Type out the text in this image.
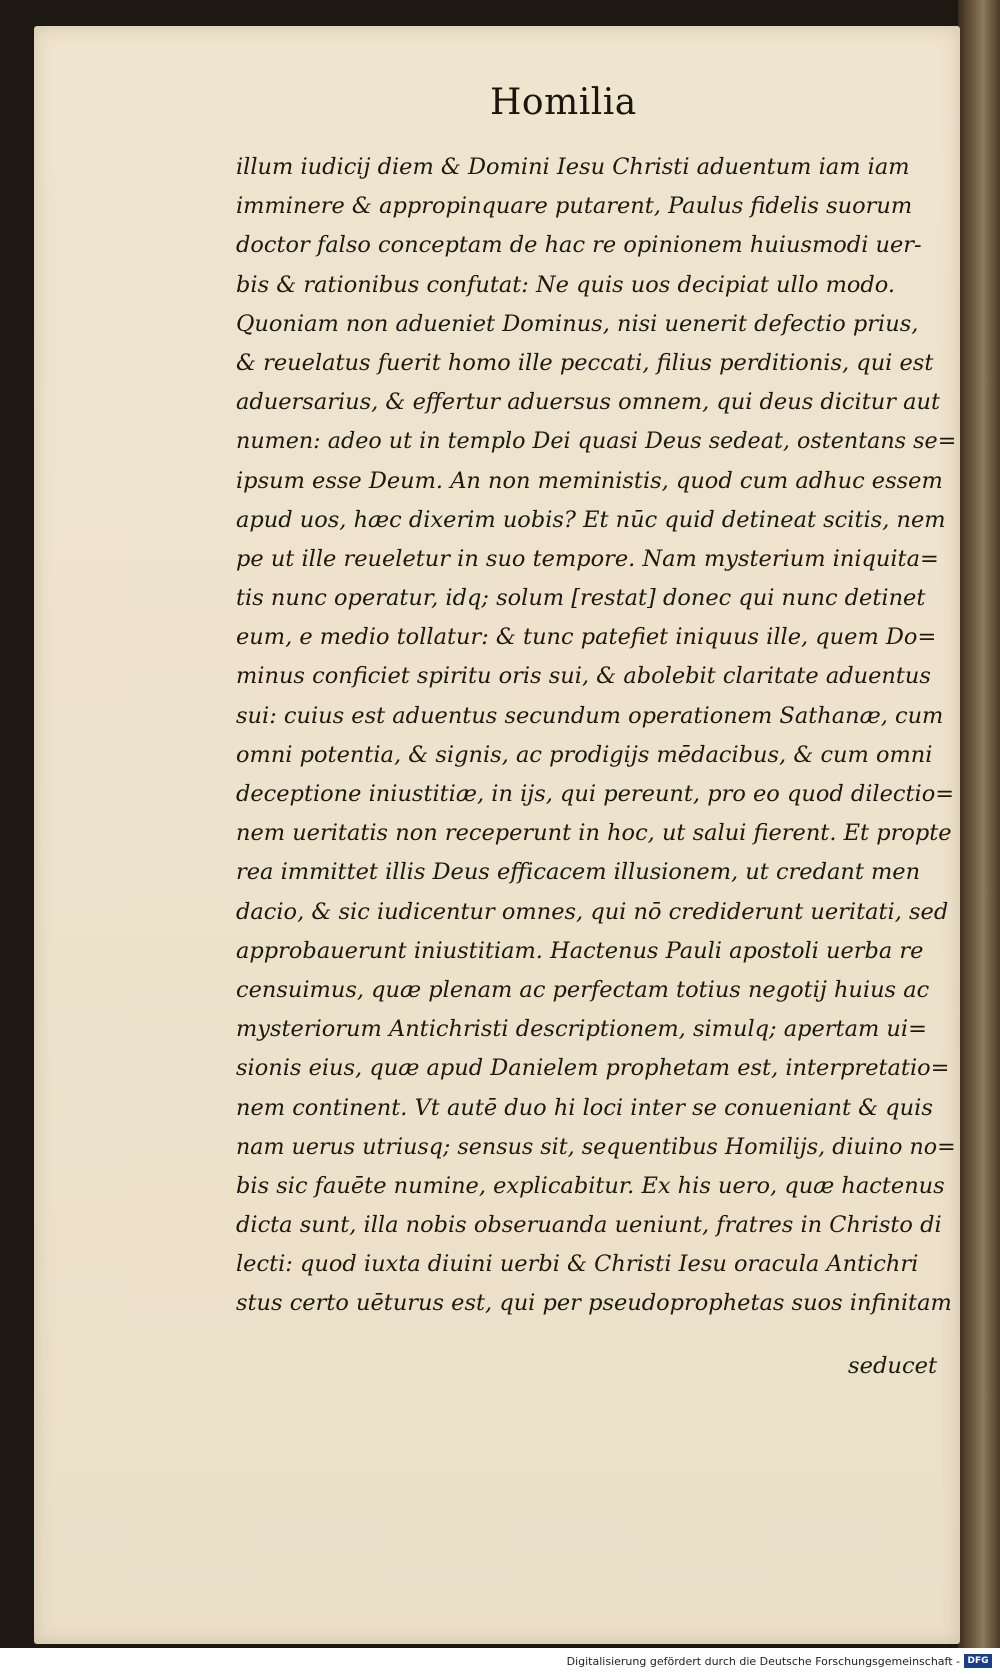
Homilia
illum iudicij diem & Domini Iesu Christi aduentum iam iam
imminere & appropinquare putarent, Paulus fidelis suorum
doctor falso conceptam de hac re opinionem huiusmodi uer-
bis & rationibus confutat: Ne quis uos decipiat ullo modo.
Quoniam non adueniet Dominus, nisi uenerit defectio prius,
& reuelatus fuerit homo ille peccati, filius perditionis, qui est
aduersarius, & effertur aduersus omnem, qui deus dicitur aut
numen: adeo ut in templo Dei quasi Deus sedeat, ostentans se=
ipsum esse Deum. An non meministis, quod cum adhuc essem
apud uos, hæc dixerim uobis? Et nūc quid detineat scitis, nem
pe ut ille reueletur in suo tempore. Nam mysterium iniquita=
tis nunc operatur, idq; solum [restat] donec qui nunc detinet
eum, e medio tollatur: & tunc patefiet iniquus ille, quem Do=
minus conficiet spiritu oris sui, & abolebit claritate aduentus
sui: cuius est aduentus secundum operationem Sathanæ, cum
omni potentia, & signis, ac prodigijs mēdacibus, & cum omni
deceptione iniustitiæ, in ijs, qui pereunt, pro eo quod dilectio=
nem ueritatis non receperunt in hoc, ut salui fierent. Et propte
rea immittet illis Deus efficacem illusionem, ut credant men
dacio, & sic iudicentur omnes, qui nō crediderunt ueritati, sed
approbauerunt iniustitiam. Hactenus Pauli apostoli uerba re
censuimus, quæ plenam ac perfectam totius negotij huius ac
mysteriorum Antichristi descriptionem, simulq; apertam ui=
sionis eius, quæ apud Danielem prophetam est, interpretatio=
nem continent. Vt autē duo hi loci inter se conueniant & quis
nam uerus utriusq; sensus sit, sequentibus Homilijs, diuino no=
bis sic fauēte numine, explicabitur. Ex his uero, quæ hactenus
dicta sunt, illa nobis obseruanda ueniunt, fratres in Christo di
lecti: quod iuxta diuini uerbi & Christi Iesu oracula Antichri
stus certo uēturus est, qui per pseudoprophetas suos infinitam
seducet
Digitalisierung gefördert durch die Deutsche Forschungsgemeinschaft - DFG
